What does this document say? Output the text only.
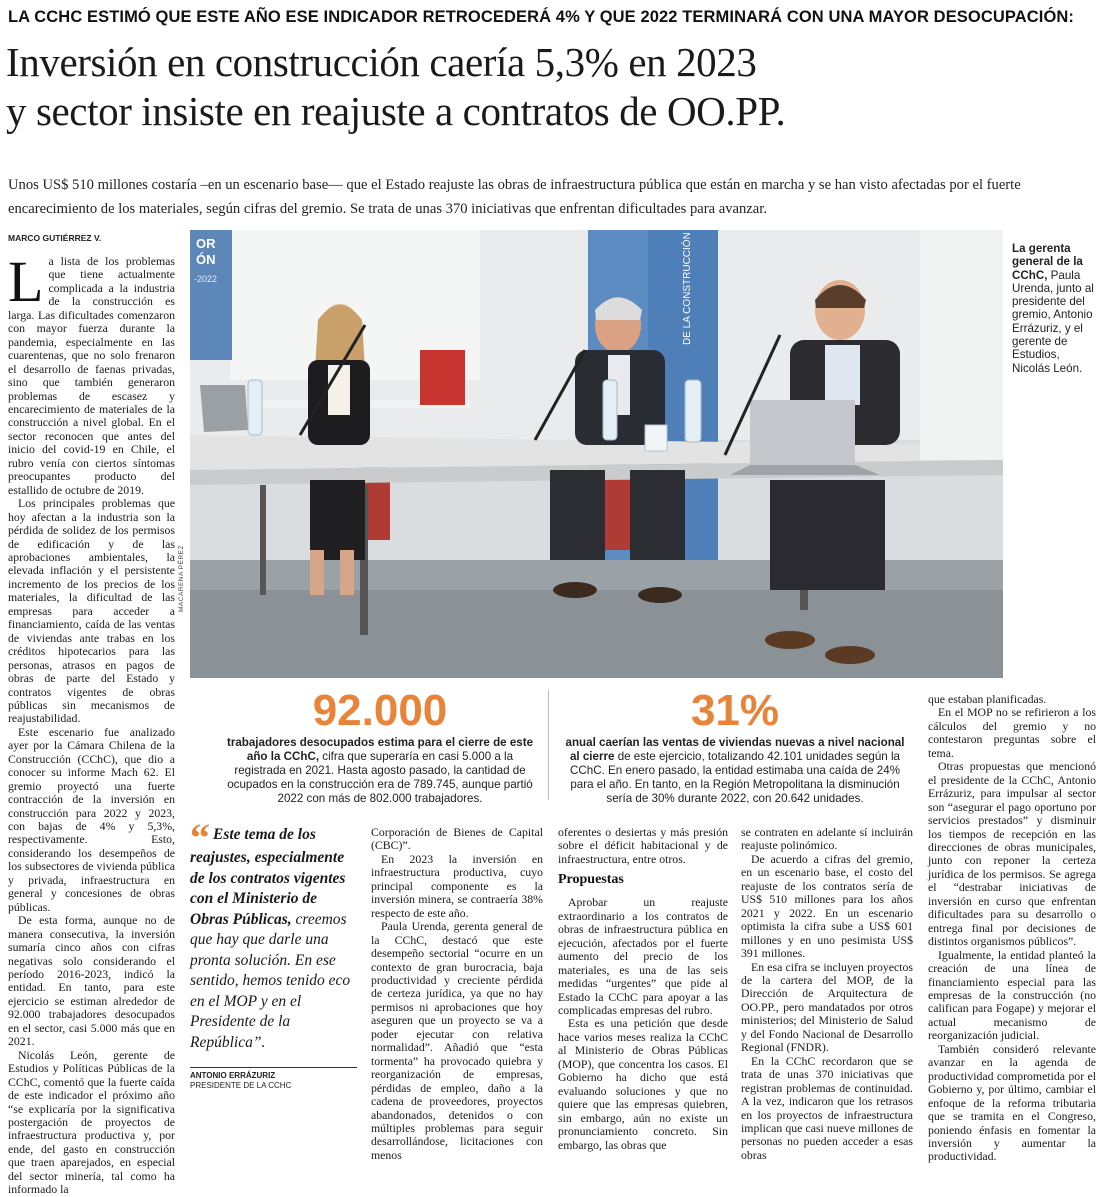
LA CCHC ESTIMÓ QUE ESTE AÑO ESE INDICADOR RETROCEDERÁ 4% Y QUE 2022 TERMINARÁ CON UNA MAYOR DESOCUPACIÓN:
Inversión en construcción caería 5,3% en 2023
y sector insiste en reajuste a contratos de OO.PP.
Unos US$ 510 millones costaría –en un escenario base— que el Estado reajuste las obras de infraestructura pública que están en marcha y se han visto afectadas por el fuerte encarecimiento de los materiales, según cifras del gremio. Se trata de unas 370 iniciativas que enfrentan dificultades para avanzar.
MARCO GUTIÉRREZ V.	OR
ÓN
-2022	DE LA CONSTRUCCIÓN
MACARENA PÉREZ
La gerenta general de la CChC, Paula Urenda, junto al presidente del gremio, Antonio Errázuriz, y el gerente de Estudios, Nicolás León.

La lista de los problemas que tiene actualmente complicada a la industria de la construcción es larga. Las dificultades comenzaron con mayor fuerza durante la pandemia, especialmente en las cuarentenas, que no solo frenaron el desarrollo de faenas privadas, sino que también generaron problemas de escasez y encarecimiento de materiales de la construcción a nivel global. En el sector reconocen que antes del inicio del covid-19 en Chile, el rubro venía con ciertos síntomas preocupantes producto del estallido de octubre de 2019.

Los principales problemas que hoy afectan a la industria son la pérdida de solidez de los permisos de edificación y de las aprobaciones ambientales, la elevada inflación y el persistente incremento de los precios de los materiales, la dificultad de las empresas para acceder a financiamiento, caída de las ventas de viviendas ante trabas en los créditos hipotecarios para las personas, atrasos en pagos de obras de parte del Estado y contratos vigentes de obras públicas sin mecanismos de reajustabilidad.

Este escenario fue analizado ayer por la Cámara Chilena de la Construcción (CChC), que dio a conocer su informe Mach 62. El gremio proyectó una fuerte contracción de la inversión en construcción para 2022 y 2023, con bajas de 4% y 5,3%, respectivamente. Esto, considerando los desempeños de los subsectores de vivienda pública y privada, infraestructura en general y concesiones de obras públicas.

De esta forma, aunque no de manera consecutiva, la inversión sumaría cinco años con cifras negativas solo considerando el período 2016-2023, indicó la entidad. En tanto, para este ejercicio se estiman alrededor de 92.000 trabajadores desocupados en el sector, casi 5.000 más que en 2021.

Nicolás León, gerente de Estudios y Políticas Públicas de la CChC, comentó que la fuerte caída de este indicador el próximo año “se explicaría por la significativa postergación de proyectos de infraestructura productiva y, por ende, del gasto en construcción que traen aparejados, en especial del sector minería, tal como ha informado la

92.000
trabajadores desocupados estima para el cierre de este año la CChC, cifra que superaría en casi 5.000 a la registrada en 2021. Hasta agosto pasado, la cantidad de ocupados en la construcción era de 789.745, aunque partió 2022 con más de 802.000 trabajadores.
31%
anual caerían las ventas de viviendas nuevas a nivel nacional al cierre de este ejercicio, totalizando 42.101 unidades según la CChC. En enero pasado, la entidad estimaba una caída de 24% para el año. En tanto, en la Región Metropolitana la disminución sería de 30% durante 2022, con 20.642 unidades.
“ Este tema de los reajustes, especialmente de los contratos vigentes con el Ministerio de Obras Públicas, creemos que hay que darle una pronta solución. En ese sentido, hemos tenido eco en el MOP y en el Presidente de la República”.
ANTONIO ERRÁZURIZ
PRESIDENTE DE LA CCHC

Corporación de Bienes de Capital (CBC)”.

En 2023 la inversión en infraestructura productiva, cuyo principal componente es la inversión minera, se contraería 38% respecto de este año.

Paula Urenda, gerenta general de la CChC, destacó que este desempeño sectorial “ocurre en un contexto de gran burocracia, baja productividad y creciente pérdida de certeza jurídica, ya que no hay permisos ni aprobaciones que hoy aseguren que un proyecto se va a poder ejecutar con relativa normalidad”. Añadió que “esta tormenta” ha provocado quiebra y reorganización de empresas, pérdidas de empleo, daño a la cadena de proveedores, proyectos abandonados, detenidos o con múltiples problemas para seguir desarrollándose, licitaciones con menos

oferentes o desiertas y más presión sobre el déficit habitacional y de infraestructura, entre otros.

Propuestas

Aprobar un reajuste extraordinario a los contratos de obras de infraestructura pública en ejecución, afectados por el fuerte aumento del precio de los materiales, es una de las seis medidas “urgentes” que pide al Estado la CChC para apoyar a las complicadas empresas del rubro.

Esta es una petición que desde hace varios meses realiza la CChC al Ministerio de Obras Públicas (MOP), que concentra los casos. El Gobierno ha dicho que está evaluando soluciones y que no quiere que las empresas quiebren, sin embargo, aún no existe un pronunciamiento concreto. Sin embargo, las obras que

se contraten en adelante sí incluirán reajuste polinómico.

De acuerdo a cifras del gremio, en un escenario base, el costo del reajuste de los contratos sería de US$ 510 millones para los años 2021 y 2022. En un escenario optimista la cifra sube a US$ 601 millones y en uno pesimista US$ 391 millones.

En esa cifra se incluyen proyectos de la cartera del MOP, de la Dirección de Arquitectura de OO.PP., pero mandatados por otros ministerios; del Ministerio de Salud y del Fondo Nacional de Desarrollo Regional (FNDR).

En la CChC recordaron que se trata de unas 370 iniciativas que registran problemas de continuidad. A la vez, indicaron que los retrasos en los proyectos de infraestructura implican que casi nueve millones de personas no pueden acceder a esas obras

que estaban planificadas.

En el MOP no se refirieron a los cálculos del gremio y no contestaron preguntas sobre el tema.

Otras propuestas que mencionó el presidente de la CChC, Antonio Errázuriz, para impulsar al sector son “asegurar el pago oportuno por servicios prestados” y disminuir los tiempos de recepción en las direcciones de obras municipales, junto con reponer la certeza jurídica de los permisos. Se agrega el “destrabar iniciativas de inversión en curso que enfrentan dificultades para su desarrollo o entrega final por decisiones de distintos organismos públicos”.

Igualmente, la entidad planteó la creación de una línea de financiamiento especial para las empresas de la construcción (no califican para Fogape) y mejorar el actual mecanismo de reorganización judicial.

También consideró relevante avanzar en la agenda de productividad comprometida por el Gobierno y, por último, cambiar el enfoque de la reforma tributaria que se tramita en el Congreso, poniendo énfasis en fomentar la inversión y aumentar la productividad.
